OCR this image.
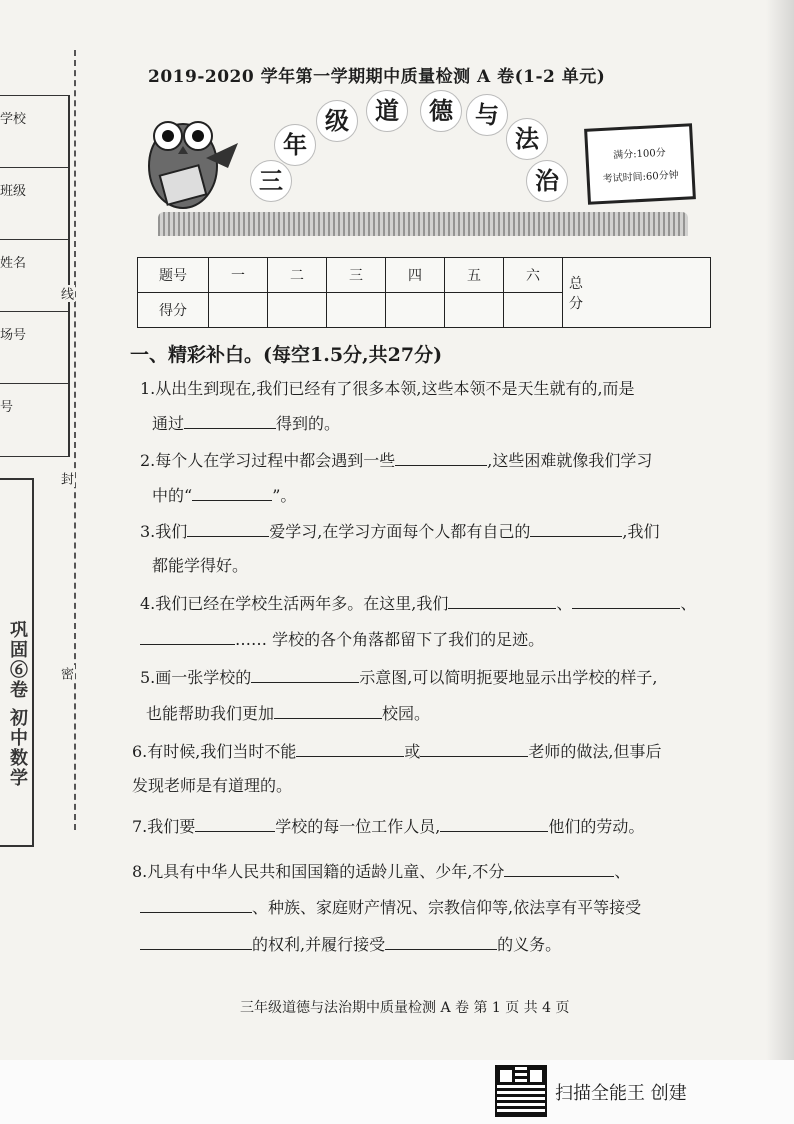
学校
班级
姓名
场号
号
线
封
密
巩固⑥卷 初中数学
2019-2020 学年第一学期期中质量检测 A 卷(1-2 单元)
三
年
级	道	德 与
法
治
满分:100分
考试时间:60分钟
题号	一	二	三	四	五	六	总
分

得分							
一、精彩补白。(每空1.5分,共27分)
1.从出生到现在,我们已经有了很多本领,这些本领不是天生就有的,而是
通过	得到的。
2.每个人在学习过程中都会遇到一些	,这些困难就像我们学习
中的“	”。
3.我们	爱学习,在学习方面每个人都有自己的	,我们
都能学得好。
4.我们已经在学校生活两年多。在这里,我们	、	、
…… 学校的各个角落都留下了我们的足迹。
5.画一张学校的	示意图,可以简明扼要地显示出学校的样子,
也能帮助我们更加	校园。
6.有时候,我们当时不能	或	老师的做法,但事后
发现老师是有道理的。
7.我们要	学校的每一位工作人员,	他们的劳动。
8.凡具有中华人民共和国国籍的适龄儿童、少年,不分	、
、种族、家庭财产情况、宗教信仰等,依法享有平等接受
的权利,并履行接受	的义务。
三年级道德与法治期中质量检测 A 卷 第 1 页 共 4 页
扫描全能王 创建
